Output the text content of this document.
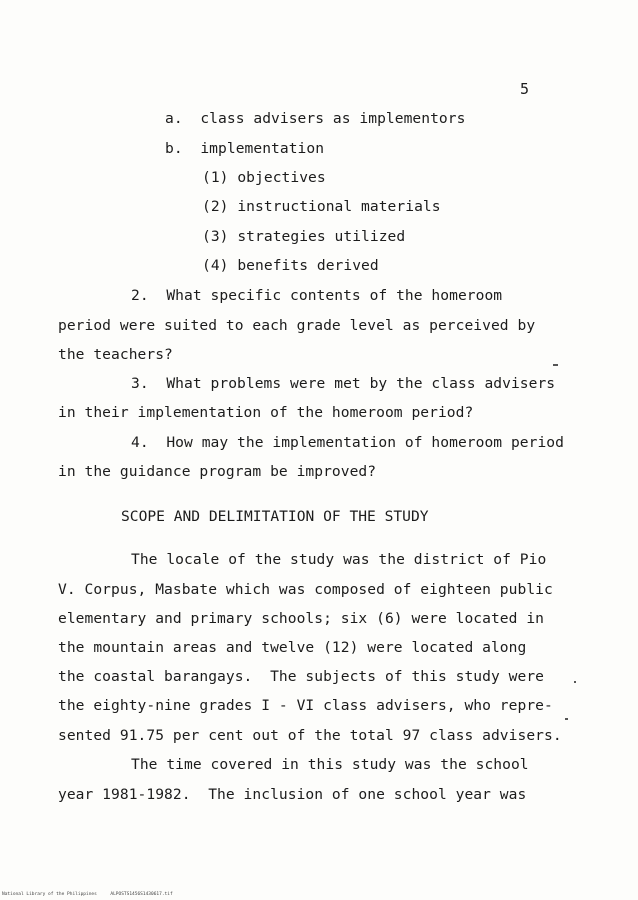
5
a.  class advisers as implementors
b.  implementation
(1) objectives
(2) instructional materials
(3) strategies utilized
(4) benefits derived
2.  What specific contents of the homeroom
period were suited to each grade level as perceived by
the teachers?
3.  What problems were met by the class advisers
in their implementation of the homeroom period?
4.  How may the implementation of homeroom period
in the guidance program be improved?
SCOPE AND DELIMITATION OF THE STUDY
The locale of the study was the district of Pio
V. Corpus, Masbate which was composed of eighteen public
elementary and primary schools; six (6) were located in
the mountain areas and twelve (12) were located along
the coastal barangays.  The subjects of this study were
the eighty-nine grades I - VI class advisers, who repre-
sented 91.75 per cent out of the total 97 class advisers.
The time covered in this study was the school
year 1981-1982.  The inclusion of one school year was
National Library of the Philippines     ALPOSTS1456S1430617.tif
